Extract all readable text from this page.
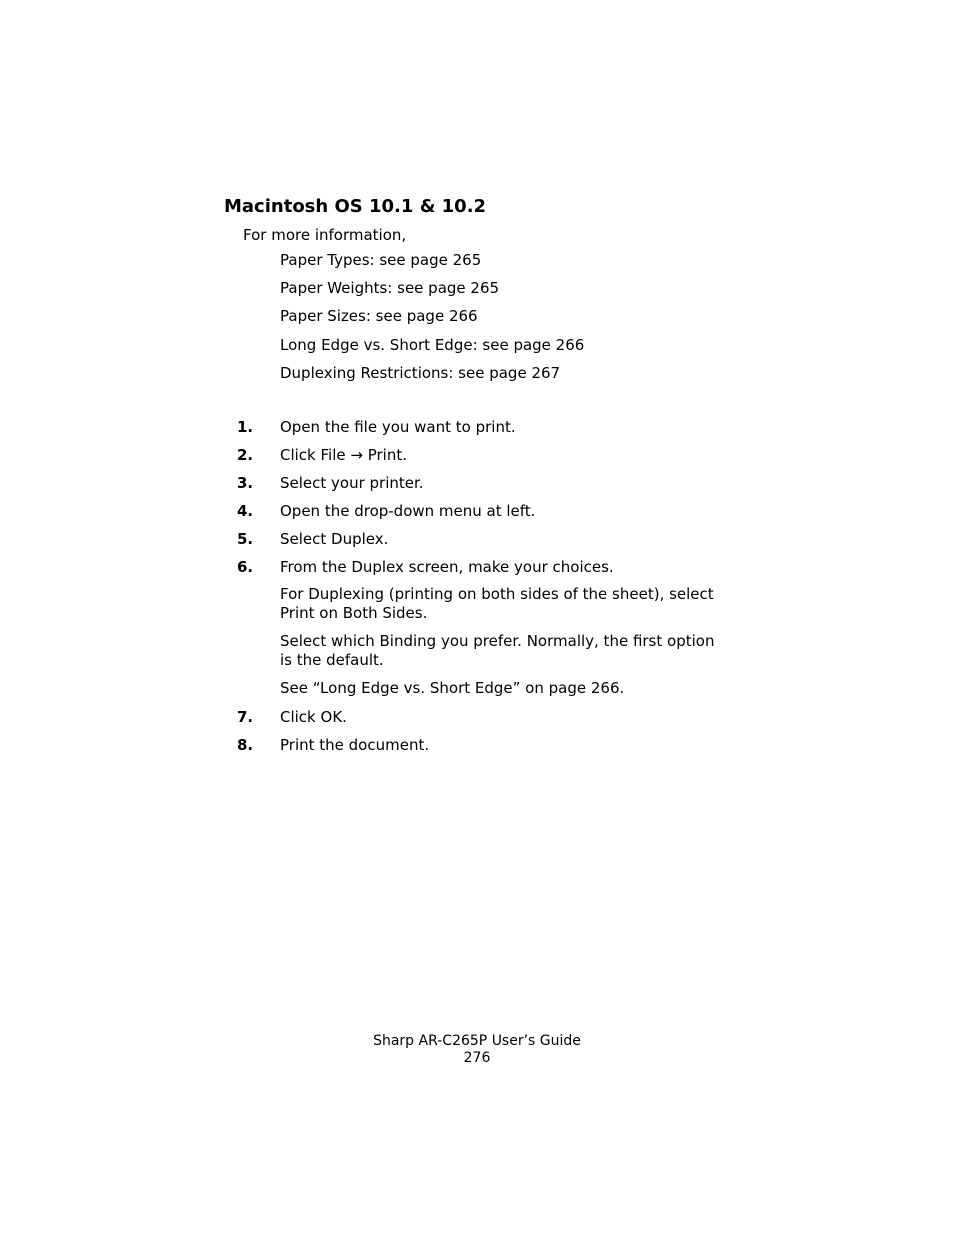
Macintosh OS 10.1 & 10.2
For more information,
Paper Types: see page 265
Paper Weights: see page 265
Paper Sizes: see page 266
Long Edge vs. Short Edge: see page 266
Duplexing Restrictions: see page 267
1. Open the file you want to print.
2. Click File → Print.
3. Select your printer.
4. Open the drop-down menu at left.
5. Select Duplex.
6. From the Duplex screen, make your choices.
For Duplexing (printing on both sides of the sheet), select Print on Both Sides.
Select which Binding you prefer. Normally, the first option is the default.
See “Long Edge vs. Short Edge” on page 266.
7. Click OK.
8. Print the document.
Sharp AR-C265P User’s Guide
276
